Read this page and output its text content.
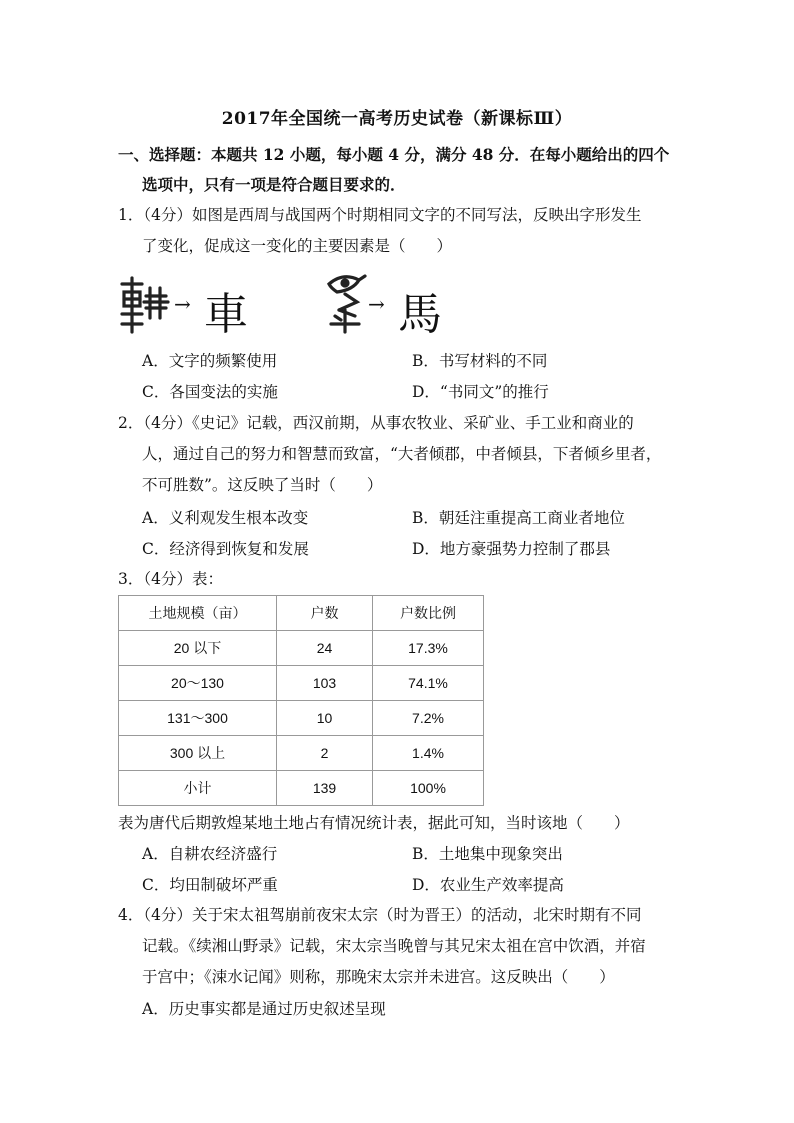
2017年全国统一高考历史试卷（新课标Ⅲ）
一、选择题：本题共 12 小题，每小题 4 分，满分 48 分．在每小题给出的四个
选项中，只有一项是符合题目要求的．
1．（4分）如图是西周与战国两个时期相同文字的不同写法，反映出字形发生
了变化，促成这一变化的主要因素是（　　）
→ 車	→ 馬
A．文字的频繁使用	B．书写材料的不同
C．各国变法的实施	D．“书同文”的推行
2．（4分）《史记》记载，西汉前期，从事农牧业、采矿业、手工业和商业的
人，通过自己的努力和智慧而致富，“大者倾郡，中者倾县，下者倾乡里者，
不可胜数”。这反映了当时（　　）
A．义利观发生根本改变	B．朝廷注重提高工商业者地位
C．经济得到恢复和发展	D．地方豪强势力控制了郡县
3．（4分）表：
土地规模（亩）	户数	户数比例
20 以下	24	17.3%
20～130	103	74.1%
131～300	10	7.2%
300 以上	2	1.4%
小计	139	100%
表为唐代后期敦煌某地土地占有情况统计表，据此可知，当时该地（　　）
A．自耕农经济盛行	B．土地集中现象突出
C．均田制破坏严重	D．农业生产效率提高
4．（4分）关于宋太祖驾崩前夜宋太宗（时为晋王）的活动，北宋时期有不同
记载。《续湘山野录》记载，宋太宗当晚曾与其兄宋太祖在宫中饮酒，并宿
于宫中；《涑水记闻》则称，那晚宋太宗并未进宫。这反映出（　　）
A．历史事实都是通过历史叙述呈现
